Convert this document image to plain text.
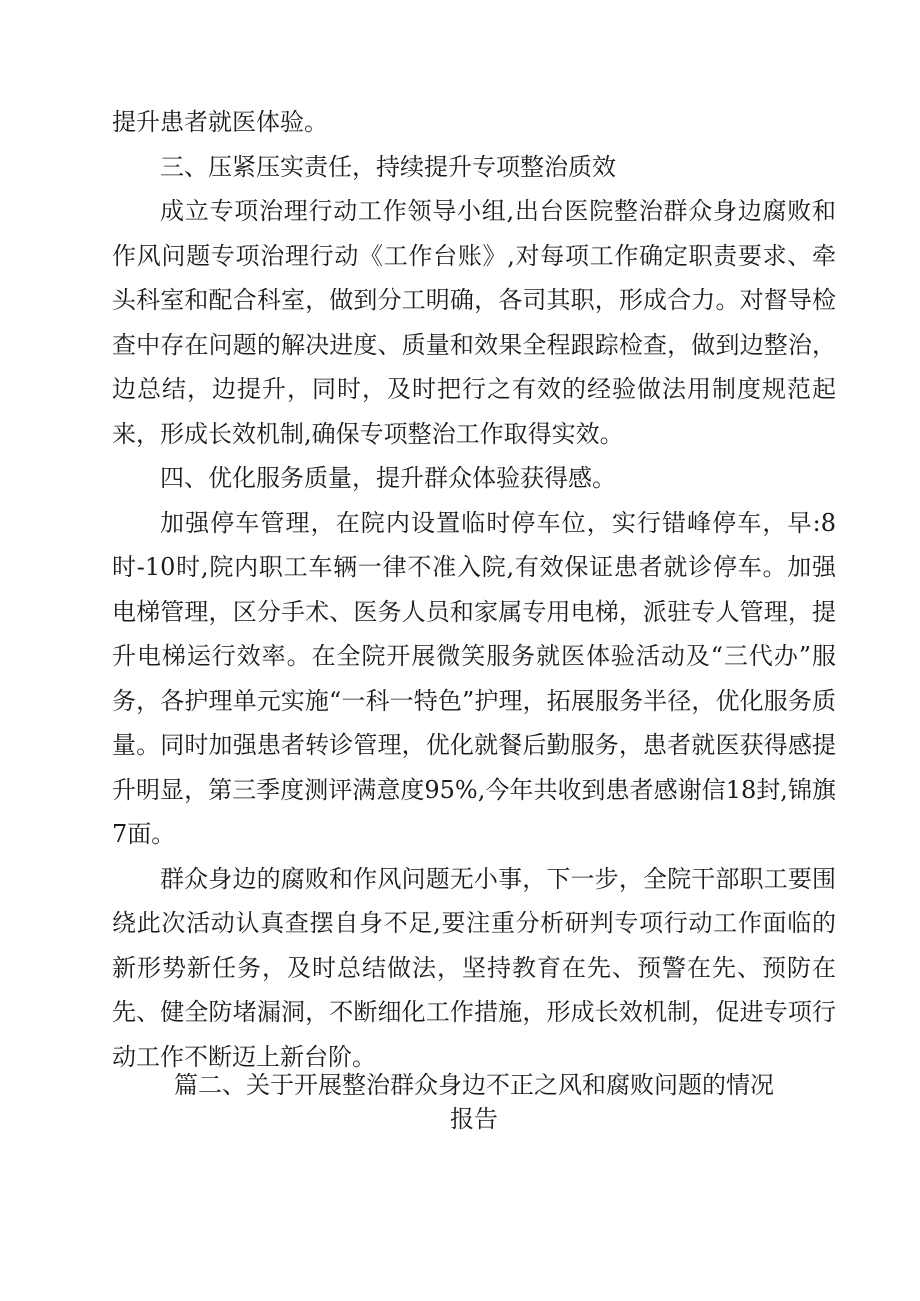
提升患者就医体验。

三、压紧压实责任，持续提升专项整治质效

成立专项治理行动工作领导小组,出台医院整治群众身边腐败和作风问题专项治理行动《工作台账》,对每项工作确定职责要求、牵头科室和配合科室，做到分工明确，各司其职，形成合力。对督导检查中存在问题的解决进度、质量和效果全程跟踪检查，做到边整治，边总结，边提升，同时，及时把行之有效的经验做法用制度规范起来，形成长效机制,确保专项整治工作取得实效。

四、优化服务质量，提升群众体验获得感。

加强停车管理，在院内设置临时停车位，实行错峰停车，早:8时-10时,院内职工车辆一律不准入院,有效保证患者就诊停车。加强电梯管理，区分手术、医务人员和家属专用电梯，派驻专人管理，提升电梯运行效率。在全院开展微笑服务就医体验活动及“三代办”服务，各护理单元实施“一科一特色”护理，拓展服务半径，优化服务质量。同时加强患者转诊管理，优化就餐后勤服务，患者就医获得感提升明显，第三季度测评满意度95%,今年共收到患者感谢信18封,锦旗7面。

群众身边的腐败和作风问题无小事，下一步，全院干部职工要围绕此次活动认真查摆自身不足,要注重分析研判专项行动工作面临的新形势新任务，及时总结做法，坚持教育在先、预警在先、预防在先、健全防堵漏洞，不断细化工作措施，形成长效机制，促进专项行动工作不断迈上新台阶。

篇二、关于开展整治群众身边不正之风和腐败问题的情况
报告
